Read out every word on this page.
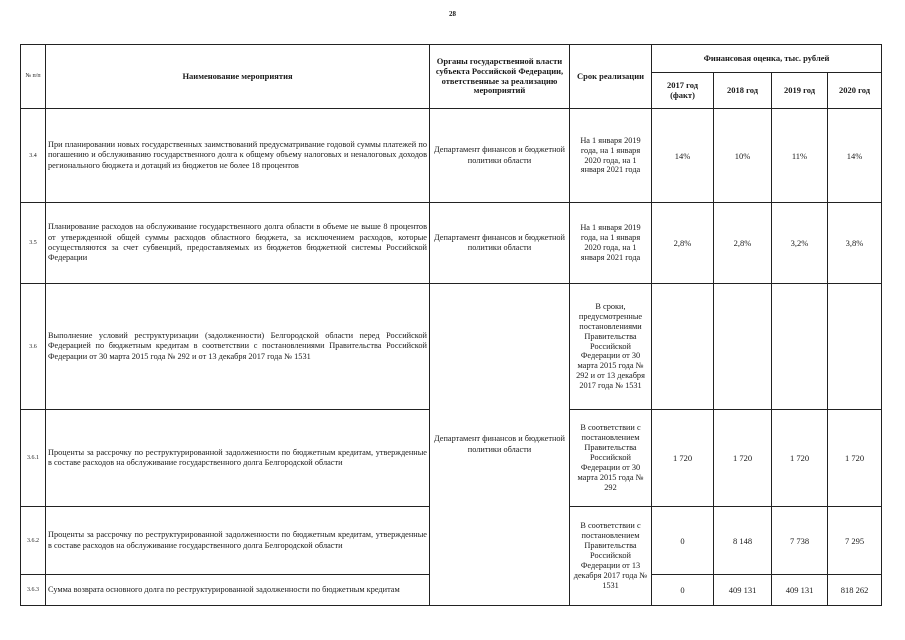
28
№ п/п	Наименование мероприятия	Органы государственной власти субъекта Российской Федерации, ответственные за реализацию мероприятий	Срок реализации	Финансовая оценка, тыс. рублей			
				2017 год (факт)	2018 год	2019 год	2020 год
3.4	При планировании новых государственных заимствований предусматривание годовой суммы платежей по погашению и обслуживанию государственного долга к общему объему налоговых и неналоговых доходов регионального бюджета и дотаций из бюджетов не более 18 процентов	Департамент финансов и бюджетной политики области	На 1 января 2019 года, на 1 января 2020 года, на 1 января 2021 года	14%	10%	11%	14%
3.5	Планирование расходов на обслуживание государственного долга области в объеме не выше 8 процентов от утвержденной общей суммы расходов областного бюджета, за исключением расходов, которые осуществляются за счет субвенций, предоставляемых из бюджетов бюджетной системы Российской Федерации	Департамент финансов и бюджетной политики области	На 1 января 2019 года, на 1 января 2020 года, на 1 января 2021 года	2,8%	2,8%	3,2%	3,8%
3.6	Выполнение условий реструктуризации (задолженности) Белгородской области перед Российской Федерацией по бюджетным кредитам в соответствии с постановлениями Правительства Российской Федерации от 30 марта 2015 года № 292 и от 13 декабря 2017 года № 1531	Департамент финансов и бюджетной политики области	В сроки, предусмотренные постановлениями Правительства Российской Федерации от 30 марта 2015 года № 292 и от 13 декабря 2017 года № 1531				
3.6.1	Проценты за рассрочку по реструктурированной задолженности по бюджетным кредитам, утвержденные в составе расходов на обслуживание государственного долга Белгородской области		В соответствии с постановлением Правительства Российской Федерации от 30 марта 2015 года № 292	1 720	1 720	1 720	1 720
3.6.2	Проценты за рассрочку по реструктурированной задолженности по бюджетным кредитам, утвержденные в составе расходов на обслуживание государственного долга Белгородской области		В соответствии с постановлением Правительства Российской Федерации от 13 декабря 2017 года № 1531	0	8 148	7 738	7 295
3.6.3	Сумма возврата основного долга по реструктурированной задолженности по бюджетным кредитам			0	409 131	409 131	818 262
